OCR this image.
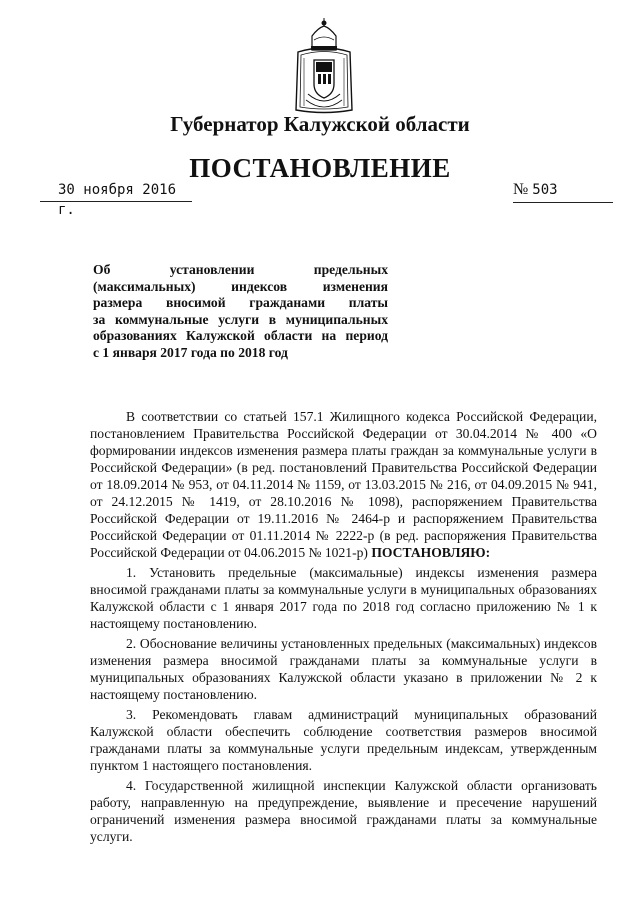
Губернатор Калужской области
ПОСТАНОВЛЕНИЕ
30 ноября 2016 г.
№ 503
Об установлении предельных
(максимальных) индексов изменения
размера вносимой гражданами платы
за коммунальные услуги в муниципальных
образованиях Калужской области на период
с 1 января 2017 года по 2018 год

В соответствии со статьей 157.1 Жилищного кодекса Российской Федерации, постановлением Правительства Российской Федерации от 30.04.2014 № 400 «О формировании индексов изменения размера платы граждан за коммунальные услуги в Российской Федерации» (в ред. постановлений Правительства Российской Федерации от 18.09.2014 № 953, от 04.11.2014 № 1159, от 13.03.2015 № 216, от 04.09.2015 № 941, от 24.12.2015 № 1419, от 28.10.2016 № 1098), распоряжением Правительства Российской Федерации от 19.11.2016 № 2464-р и распоряжением Правительства Российской Федерации от 01.11.2014 № 2222-р (в ред. распоряжения Правительства Российской Федерации от 04.06.2015 № 1021-р) ПОСТАНОВЛЯЮ:

1. Установить предельные (максимальные) индексы изменения размера вносимой гражданами платы за коммунальные услуги в муниципальных образованиях Калужской области с 1 января 2017 года по 2018 год согласно приложению № 1 к настоящему постановлению.

2. Обоснование величины установленных предельных (максимальных) индексов изменения размера вносимой гражданами платы за коммунальные услуги в муниципальных образованиях Калужской области указано в приложении № 2 к настоящему постановлению.

3. Рекомендовать главам администраций муниципальных образований Калужской области обеспечить соблюдение соответствия размеров вносимой гражданами платы за коммунальные услуги предельным индексам, утвержденным пунктом 1 настоящего постановления.

4. Государственной жилищной инспекции Калужской области организовать работу, направленную на предупреждение, выявление и пресечение нарушений ограничений изменения размера вносимой гражданами платы за коммунальные услуги.
